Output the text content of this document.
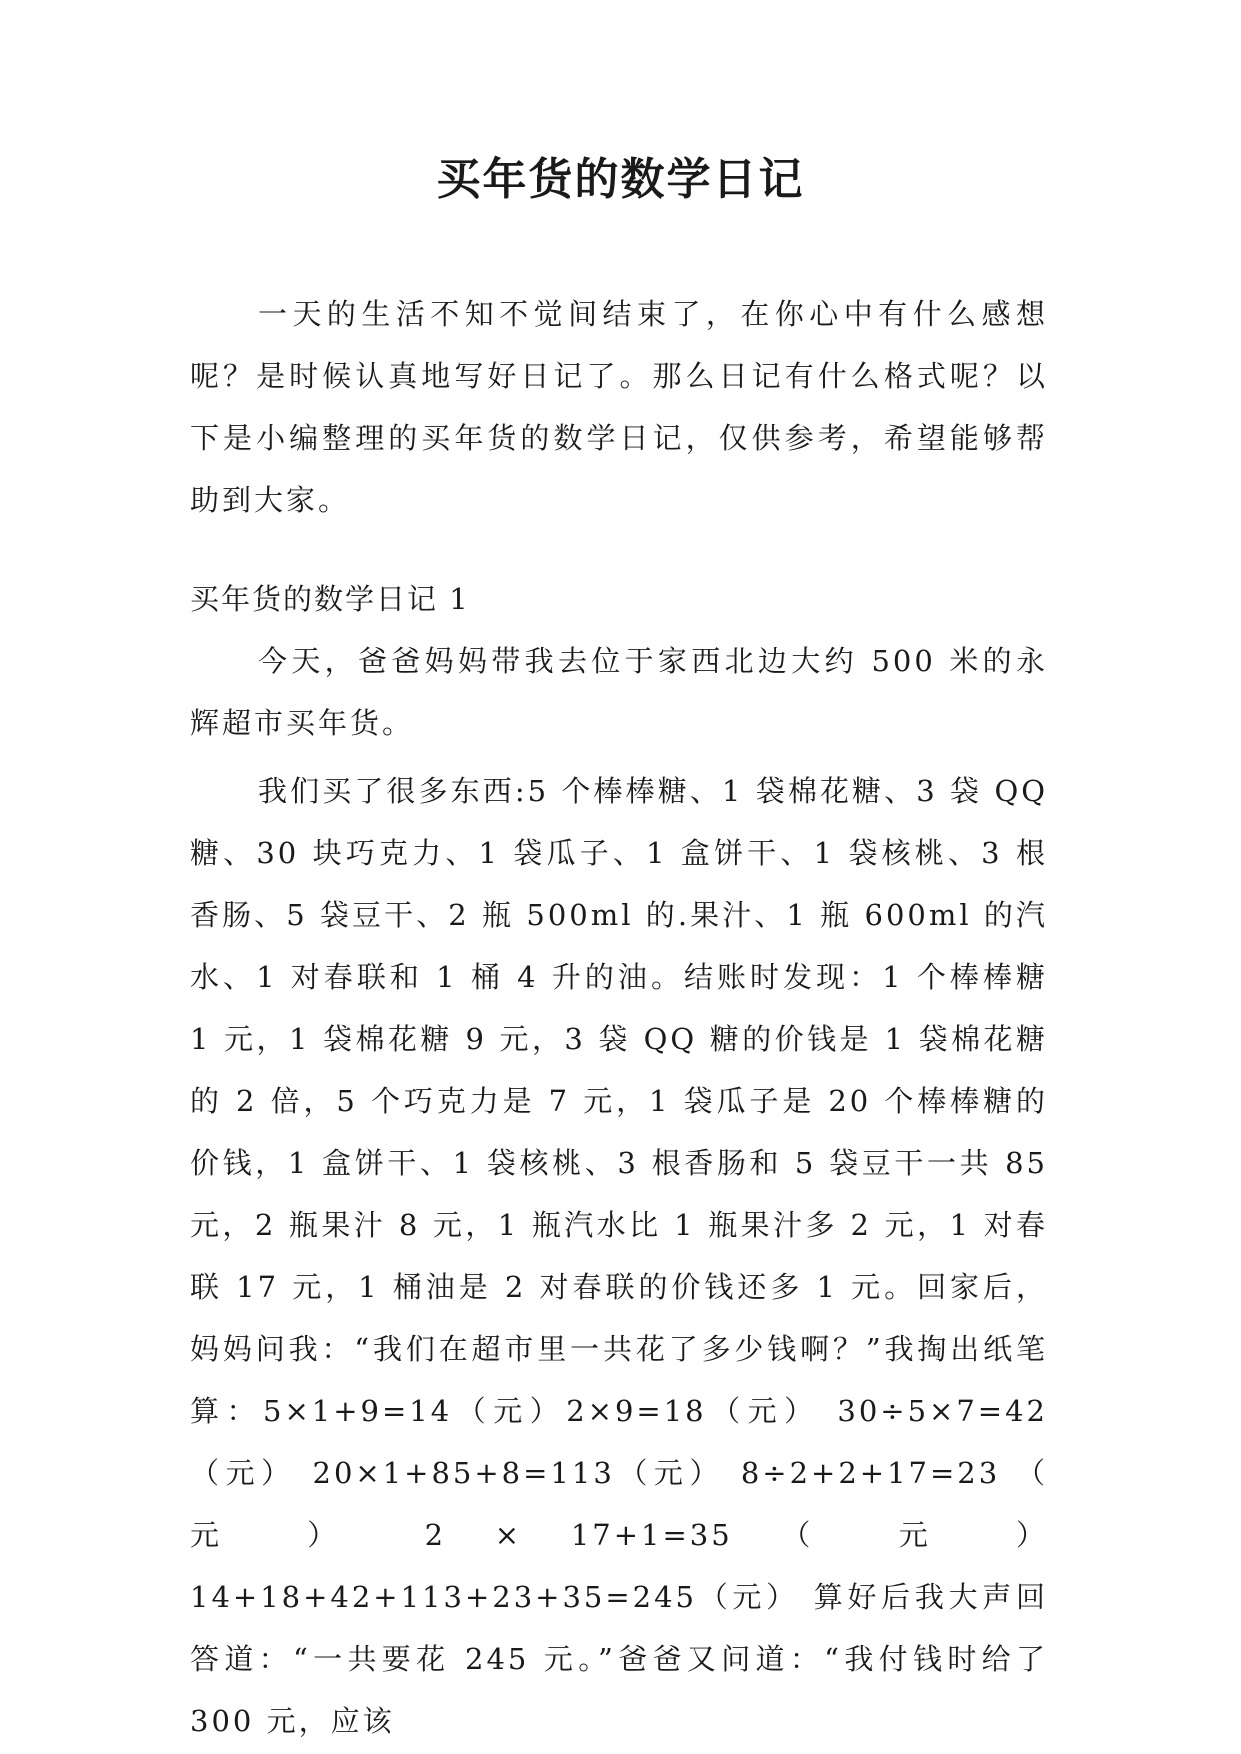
买年货的数学日记

一天的生活不知不觉间结束了，在你心中有什么感想呢？是时候认真地写好日记了。那么日记有什么格式呢？以下是小编整理的买年货的数学日记，仅供参考，希望能够帮助到大家。

买年货的数学日记 1

今天，爸爸妈妈带我去位于家西北边大约 500 米的永辉超市买年货。

我们买了很多东西:5 个棒棒糖、1 袋棉花糖、3 袋 QQ 糖、30 块巧克力、1 袋瓜子、1 盒饼干、1 袋核桃、3 根香肠、5 袋豆干、2 瓶 500ml 的.果汁、1 瓶 600ml 的汽水、1 对春联和 1 桶 4 升的油。结账时发现：1 个棒棒糖 1 元，1 袋棉花糖 9 元，3 袋 QQ 糖的价钱是 1 袋棉花糖的 2 倍，5 个巧克力是 7 元，1 袋瓜子是 20 个棒棒糖的价钱，1 盒饼干、1 袋核桃、3 根香肠和 5 袋豆干一共 85 元，2 瓶果汁 8 元，1 瓶汽水比 1 瓶果汁多 2 元，1 对春联 17 元，1 桶油是 2 对春联的价钱还多 1 元。回家后，妈妈问我：“我们在超市里一共花了多少钱啊？”我掏出纸笔算：5×1+9=14（元）2×9=18（元） 30÷5×7=42（元） 20×1+85+8=113（元） 8÷2+2+17=23 （ 元 ） 2 × 17+1=35 （ 元 ） 14+18+42+113+23+35=245（元） 算好后我大声回答道：“一共要花 245 元。”爸爸又问道：“我付钱时给了 300 元，应该
